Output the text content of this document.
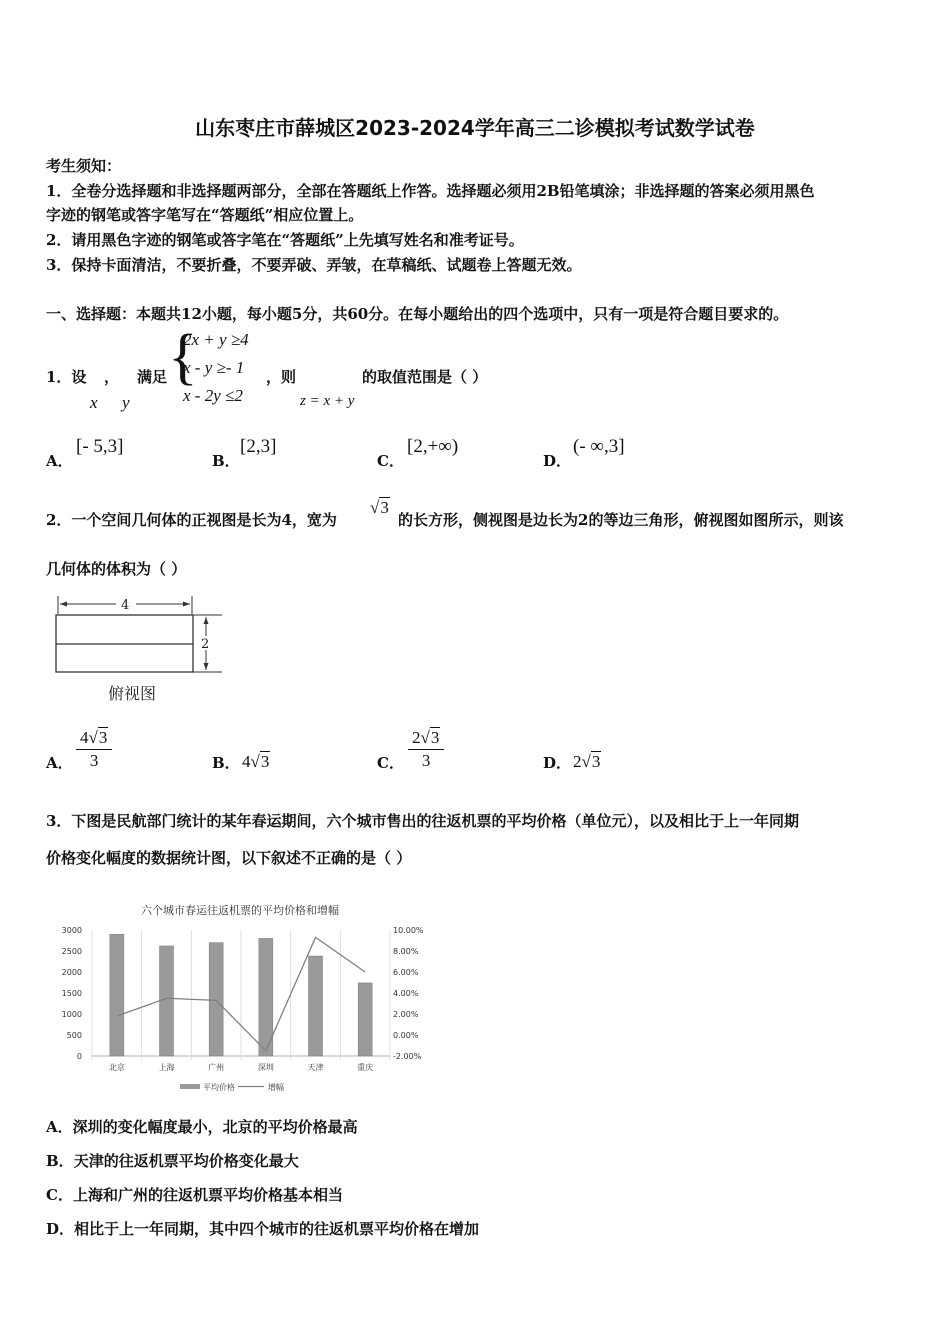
山东枣庄市薛城区2023-2024学年高三二诊模拟考试数学试卷
考生须知：
1．全卷分选择题和非选择题两部分，全部在答题纸上作答。选择题必须用2B铅笔填涂；非选择题的答案必须用黑色
字迹的钢笔或答字笔写在“答题纸”相应位置上。
2．请用黑色字迹的钢笔或答字笔在“答题纸”上先填写姓名和准考证号。
3．保持卡面清洁，不要折叠，不要弄破、弄皱，在草稿纸、试题卷上答题无效。
一、选择题：本题共12小题，每小题5分，共60分。在每小题给出的四个选项中，只有一项是符合题目要求的。
1．设 ， 满足
x y
{
2x + y ≥4
x - y ≥- 1
x - 2y ≤2
，则
z = x + y
的取值范围是（ ）
A．
[- 5,3]
B．
[2,3]
C．
[2,+∞)
D．
(- ∞,3]
2．一个空间几何体的正视图是长为4，宽为
√3
的长方形，侧视图是边长为2的等边三角形，俯视图如图所示，则该
几何体的体积为（ ）
4
2
俯视图
A． $\frac{4√3}{3}$	B． 4√3	C． $\frac{2√3}{3}$	D． 2√3
3．下图是民航部门统计的某年春运期间，六个城市售出的往返机票的平均价格（单位元），以及相比于上一年同期
价格变化幅度的数据统计图，以下叙述不正确的是（ ）
六个城市春运往返机票的平均价格和增幅
0
500
1000
1500
2000
2500
3000
-2.00%
0.00%
2.00%
4.00%
6.00%
8.00%
10.00%
北京	上海	广州	深圳	天津	重庆
平均价格	增幅
A．深圳的变化幅度最小，北京的平均价格最高
B．天津的往返机票平均价格变化最大
C．上海和广州的往返机票平均价格基本相当
D．相比于上一年同期，其中四个城市的往返机票平均价格在增加
